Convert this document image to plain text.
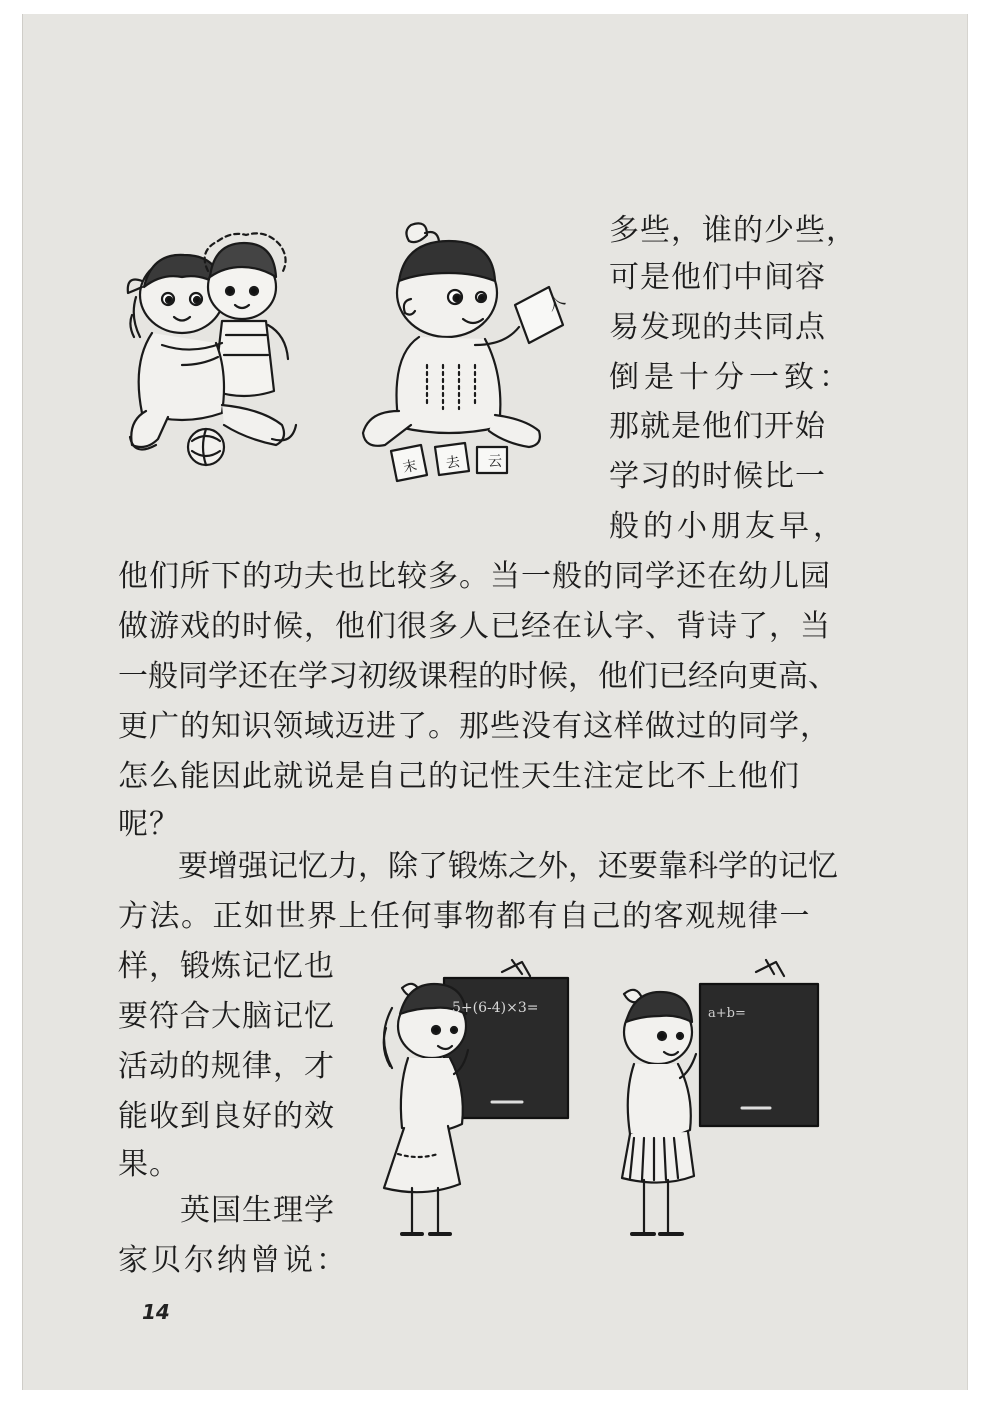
人
末 去 云
多些，谁的少些，
可是他们中间容
易发现的共同点
倒是十分一致：
那就是他们开始
学习的时候比一
般的小朋友早，
他们所下的功夫也比较多。当一般的同学还在幼儿园
做游戏的时候，他们很多人已经在认字、背诗了，当
一般同学还在学习初级课程的时候，他们已经向更高、
更广的知识领域迈进了。那些没有这样做过的同学，
怎么能因此就说是自己的记性天生注定比不上他们
呢？
　　要增强记忆力，除了锻炼之外，还要靠科学的记忆
方法。正如世界上任何事物都有自己的客观规律一
样，锻炼记忆也
要符合大脑记忆
活动的规律，才
能收到良好的效
果。
　　英国生理学
家贝尔纳曾说：
5+(6-4)×3=	a+b=
14
